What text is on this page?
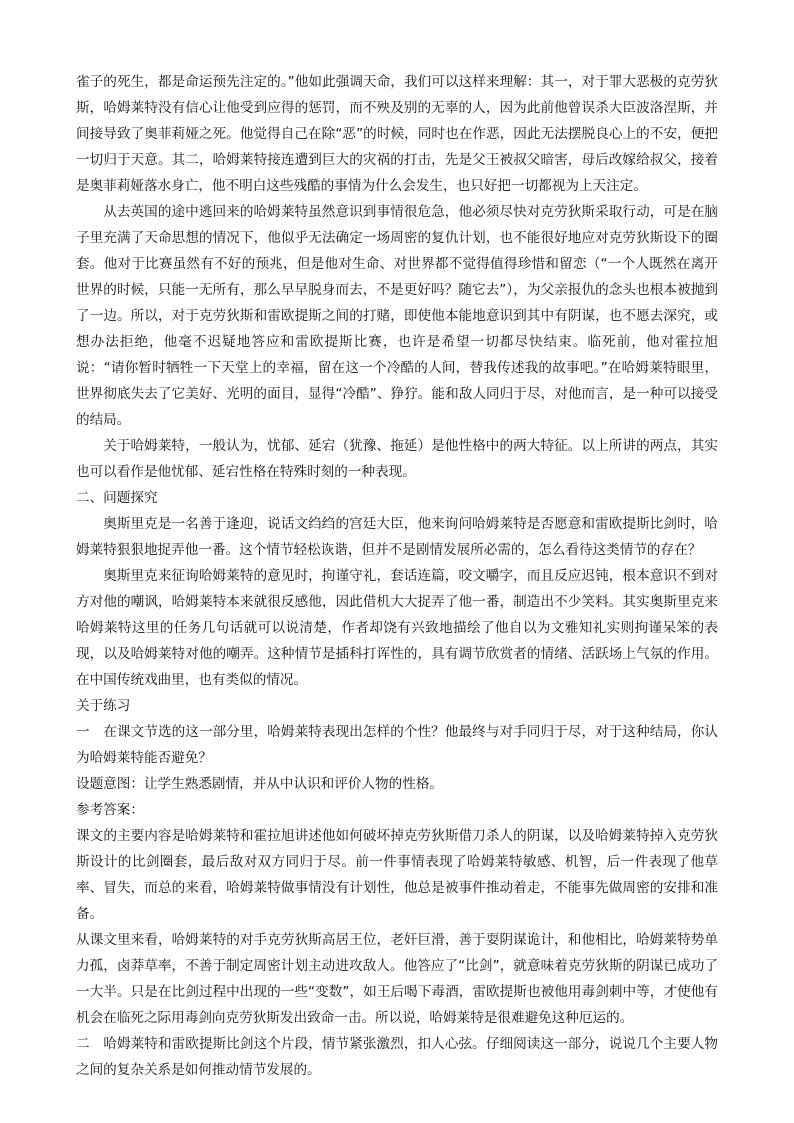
雀子的死生，都是命运预先注定的。”他如此强调天命，我们可以这样来理解：其一，对于罪大恶极的克劳狄斯，哈姆莱特没有信心让他受到应得的惩罚，而不殃及别的无辜的人，因为此前他曾误杀大臣波洛涅斯，并间接导致了奥菲莉娅之死。他觉得自己在除“恶”的时候，同时也在作恶，因此无法摆脱良心上的不安，便把一切归于天意。其二，哈姆莱特接连遭到巨大的灾祸的打击，先是父王被叔父暗害，母后改嫁给叔父，接着是奥菲莉娅落水身亡，他不明白这些残酷的事情为什么会发生，也只好把一切都视为上天注定。

从去英国的途中逃回来的哈姆莱特虽然意识到事情很危急，他必须尽快对克劳狄斯采取行动，可是在脑子里充满了天命思想的情况下，他似乎无法确定一场周密的复仇计划，也不能很好地应对克劳狄斯设下的圈套。他对于比赛虽然有不好的预兆，但是他对生命、对世界都不觉得值得珍惜和留恋（“一个人既然在离开世界的时候，只能一无所有，那么早早脱身而去，不是更好吗？随它去”），为父亲报仇的念头也根本被抛到了一边。所以，对于克劳狄斯和雷欧提斯之间的打赌，即使他本能地意识到其中有阴谋，也不愿去深究，或想办法拒绝，他毫不迟疑地答应和雷欧提斯比赛，也许是希望一切都尽快结束。临死前，他对霍拉旭说：“请你暂时牺牲一下天堂上的幸福，留在这一个冷酷的人间，替我传述我的故事吧。”在哈姆莱特眼里，世界彻底失去了它美好、光明的面目，显得“冷酷”、狰狞。能和敌人同归于尽，对他而言，是一种可以接受的结局。

关于哈姆莱特，一般认为，忧郁、延宕（犹豫、拖延）是他性格中的两大特征。以上所讲的两点，其实也可以看作是他忧郁、延宕性格在特殊时刻的一种表现。

二、问题探究

奥斯里克是一名善于逢迎，说话文绉绉的宫廷大臣，他来询问哈姆莱特是否愿意和雷欧提斯比剑时，哈姆莱特狠狠地捉弄他一番。这个情节轻松诙谐，但并不是剧情发展所必需的，怎么看待这类情节的存在？

奥斯里克来征询哈姆莱特的意见时，拘谨守礼，套话连篇，咬文嚼字，而且反应迟钝，根本意识不到对方对他的嘲讽，哈姆莱特本来就很反感他，因此借机大大捉弄了他一番，制造出不少笑料。其实奥斯里克来哈姆莱特这里的任务几句话就可以说清楚，作者却饶有兴致地描绘了他自以为文雅知礼实则拘谨呆笨的表现，以及哈姆莱特对他的嘲弄。这种情节是插科打诨性的，具有调节欣赏者的情绪、活跃场上气氛的作用。在中国传统戏曲里，也有类似的情况。

关于练习

一　在课文节选的这一部分里，哈姆莱特表现出怎样的个性？他最终与对手同归于尽，对于这种结局，你认为哈姆莱特能否避免？

设题意图：让学生熟悉剧情，并从中认识和评价人物的性格。

参考答案：

课文的主要内容是哈姆莱特和霍拉旭讲述他如何破坏掉克劳狄斯借刀杀人的阴谋，以及哈姆莱特掉入克劳狄斯设计的比剑圈套，最后敌对双方同归于尽。前一件事情表现了哈姆莱特敏感、机智，后一件表现了他草率、冒失，而总的来看，哈姆莱特做事情没有计划性，他总是被事件推动着走，不能事先做周密的安排和准备。

从课文里来看，哈姆莱特的对手克劳狄斯高居王位，老奸巨滑，善于耍阴谋诡计，和他相比，哈姆莱特势单力孤，卤莽草率，不善于制定周密计划主动进攻敌人。他答应了“比剑”，就意味着克劳狄斯的阴谋已成功了一大半。只是在比剑过程中出现的一些“变数”，如王后喝下毒酒，雷欧提斯也被他用毒剑刺中等，才使他有机会在临死之际用毒剑向克劳狄斯发出致命一击。所以说，哈姆莱特是很难避免这种厄运的。

二　哈姆莱特和雷欧提斯比剑这个片段，情节紧张激烈，扣人心弦。仔细阅读这一部分，说说几个主要人物之间的复杂关系是如何推动情节发展的。
